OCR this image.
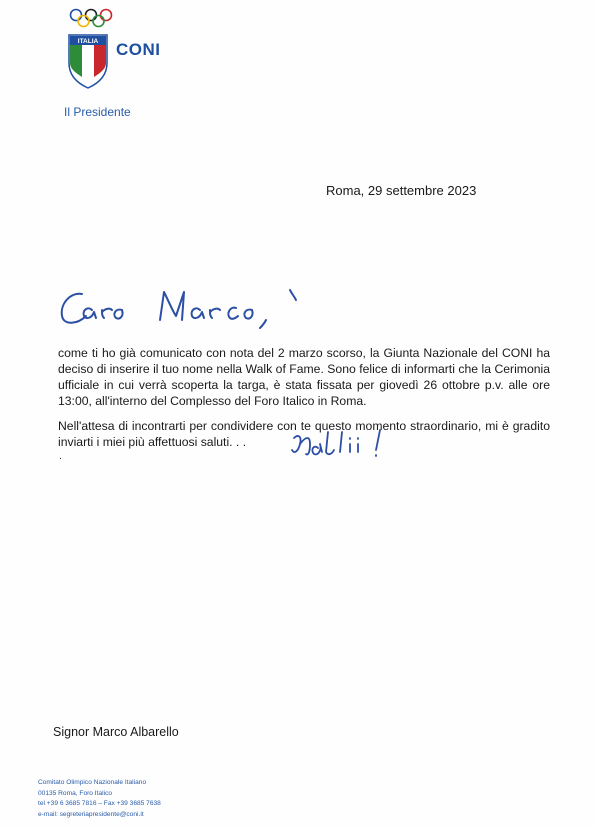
ITALIA CONI
Il Presidente
Roma, 29 settembre 2023

come ti ho già comunicato con nota del 2 marzo scorso, la Giunta Nazionale del CONI ha deciso di inserire il tuo nome nella Walk of Fame. Sono felice di informarti che la Cerimonia ufficiale in cui verrà scoperta la targa, è stata fissata per giovedì 26 ottobre p.v. alle ore 13:00, all'interno del Complesso del Foro Italico in Roma.

Nell'attesa di incontrarti per condividere con te questo momento straordinario, mi è gradito inviarti i miei più affettuosi saluti. . .

.
Signor Marco Albarello
Comitato Olimpico Nazionale Italiano
00135 Roma, Foro Italico
tel +39 6 3685 7816 – Fax +39 3685 7638
e-mail: segreteriapresidente@coni.it
